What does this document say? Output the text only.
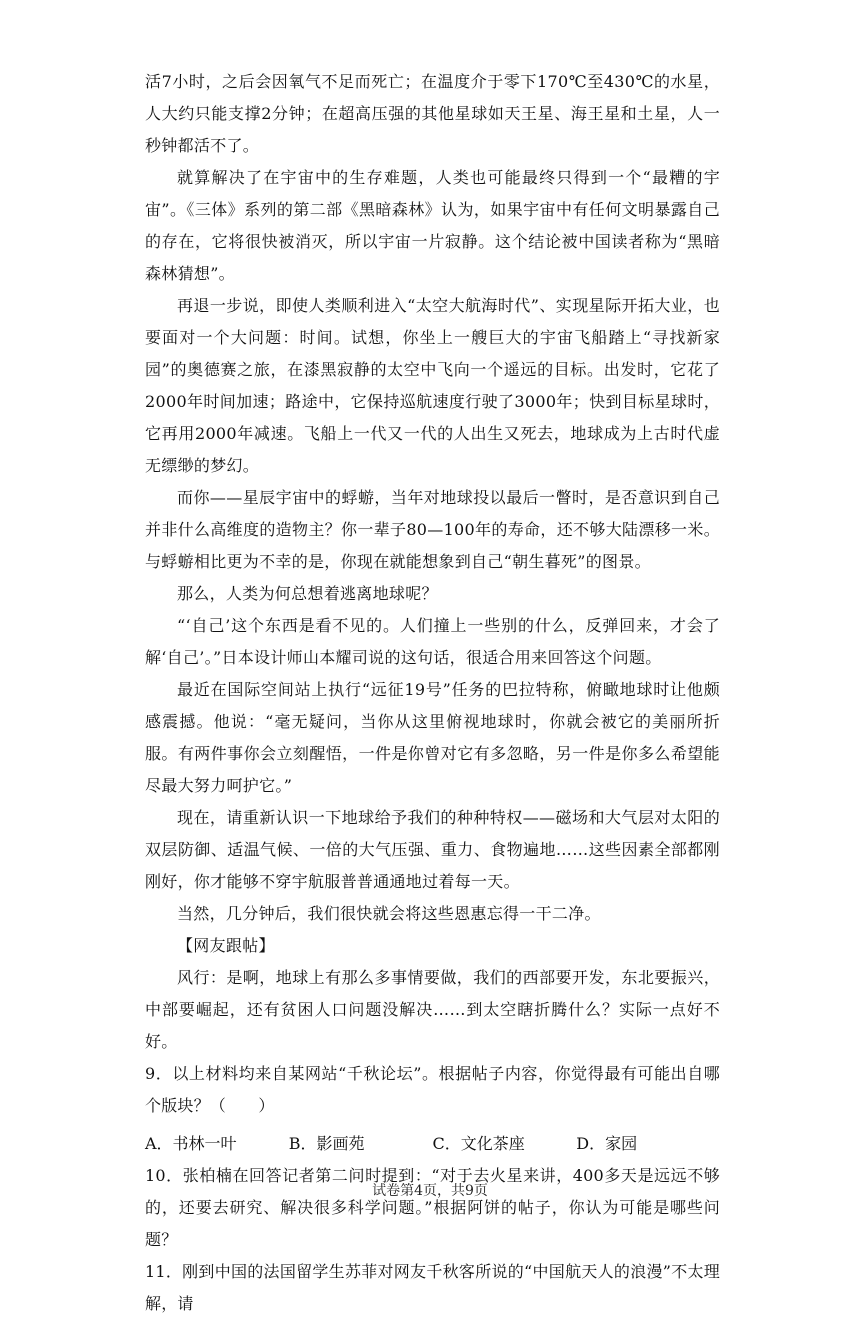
活7小时，之后会因氧气不足而死亡；在温度介于零下170℃至430℃的水星，人大约只能支撑2分钟；在超高压强的其他星球如天王星、海王星和土星，人一秒钟都活不了。

就算解决了在宇宙中的生存难题，人类也可能最终只得到一个“最糟的宇宙”。《三体》系列的第二部《黑暗森林》认为，如果宇宙中有任何文明暴露自己的存在，它将很快被消灭，所以宇宙一片寂静。这个结论被中国读者称为“黑暗森林猜想”。

再退一步说，即使人类顺利进入“太空大航海时代”、实现星际开拓大业，也要面对一个大问题：时间。试想，你坐上一艘巨大的宇宙飞船踏上“寻找新家园”的奥德赛之旅，在漆黑寂静的太空中飞向一个遥远的目标。出发时，它花了2000年时间加速；路途中，它保持巡航速度行驶了3000年；快到目标星球时，它再用2000年减速。飞船上一代又一代的人出生又死去，地球成为上古时代虚无缥缈的梦幻。

而你——星辰宇宙中的蜉蝣，当年对地球投以最后一瞥时，是否意识到自己并非什么高维度的造物主？你一辈子80—100年的寿命，还不够大陆漂移一米。与蜉蝣相比更为不幸的是，你现在就能想象到自己“朝生暮死”的图景。

那么，人类为何总想着逃离地球呢？

“‘自己’这个东西是看不见的。人们撞上一些别的什么，反弹回来，才会了解‘自己’。”日本设计师山本耀司说的这句话，很适合用来回答这个问题。

最近在国际空间站上执行“远征19号”任务的巴拉特称，俯瞰地球时让他颇感震撼。他说：“毫无疑问，当你从这里俯视地球时，你就会被它的美丽所折服。有两件事你会立刻醒悟，一件是你曾对它有多忽略，另一件是你多么希望能尽最大努力呵护它。”

现在，请重新认识一下地球给予我们的种种特权——磁场和大气层对太阳的双层防御、适温气候、一倍的大气压强、重力、食物遍地……这些因素全部都刚刚好，你才能够不穿宇航服普普通通地过着每一天。

当然，几分钟后，我们很快就会将这些恩惠忘得一干二净。

【网友跟帖】

风行：是啊，地球上有那么多事情要做，我们的西部要开发，东北要振兴，中部要崛起，还有贫困人口问题没解决……到太空瞎折腾什么？实际一点好不好。

9．以上材料均来自某网站“千秋论坛”。根据帖子内容，你觉得最有可能出自哪个版块？（　　）

A．书林一叶	B．影画苑	C．文化茶座	D．家园

10．张柏楠在回答记者第二问时提到：“对于去火星来讲，400多天是远远不够的，还要去研究、解决很多科学问题。”根据阿饼的帖子，你认为可能是哪些问题？

11．刚到中国的法国留学生苏菲对网友千秋客所说的“中国航天人的浪漫”不太理解，请

试卷第4页，共9页
